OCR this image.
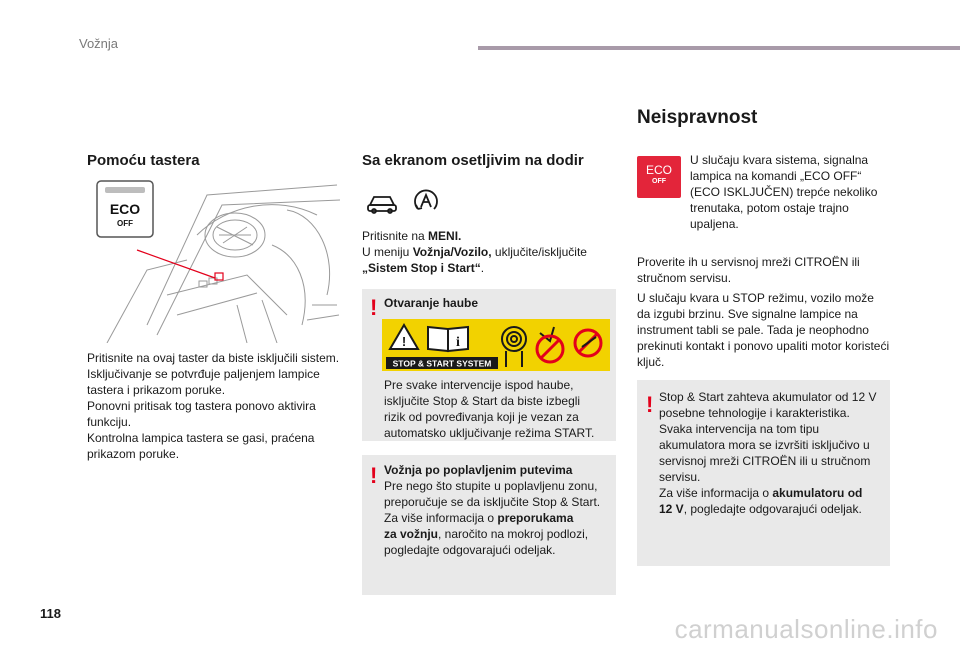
Vožnja
Pomoću tastera
ECO
OFF
Pritisnite na ovaj taster da biste isključili sistem.
Isključivanje se potvrđuje paljenjem lampice
tastera i prikazom poruke.
Ponovni pritisak tog tastera ponovo aktivira
funkciju.
Kontrolna lampica tastera se gasi, praćena
prikazom poruke.
Sa ekranom osetljivim na dodir
Pritisnite na MENI.
U meniju Vožnja/Vozilo, uključite/isključite
„Sistem Stop i Start“.
! Otvaranje haube
!	i
STOP & START SYSTEM
Pre svake intervencije ispod haube,
isključite Stop & Start da biste izbegli
rizik od povređivanja koji je vezan za
automatsko uključivanje režima START.
! Vožnja po poplavljenim putevima
Pre nego što stupite u poplavljenu zonu,
preporučuje se da isključite Stop & Start.
Za više informacija o preporukama
za vožnju, naročito na mokroj podlozi,
pogledajte odgovarajući odeljak.
Neispravnost
ECO
OFF
U slučaju kvara sistema, signalna
lampica na komandi „ECO OFF“
(ECO ISKLJUČEN) trepće nekoliko
trenutaka, potom ostaje trajno
upaljena.
Proverite ih u servisnoj mreži CITROËN ili
stručnom servisu.
U slučaju kvara u STOP režimu, vozilo može
da izgubi brzinu. Sve signalne lampice na
instrument tabli se pale. Tada je neophodno
prekinuti kontakt i ponovo upaliti motor koristeći
ključ.
! Stop & Start zahteva akumulator od 12 V
posebne tehnologije i karakteristika.
Svaka intervencija na tom tipu
akumulatora mora se izvršiti isključivo u
servisnoj mreži CITROËN ili u stručnom
servisu.
Za više informacija o akumulatoru od
12 V, pogledajte odgovarajući odeljak.
118
carmanualsonline.info
